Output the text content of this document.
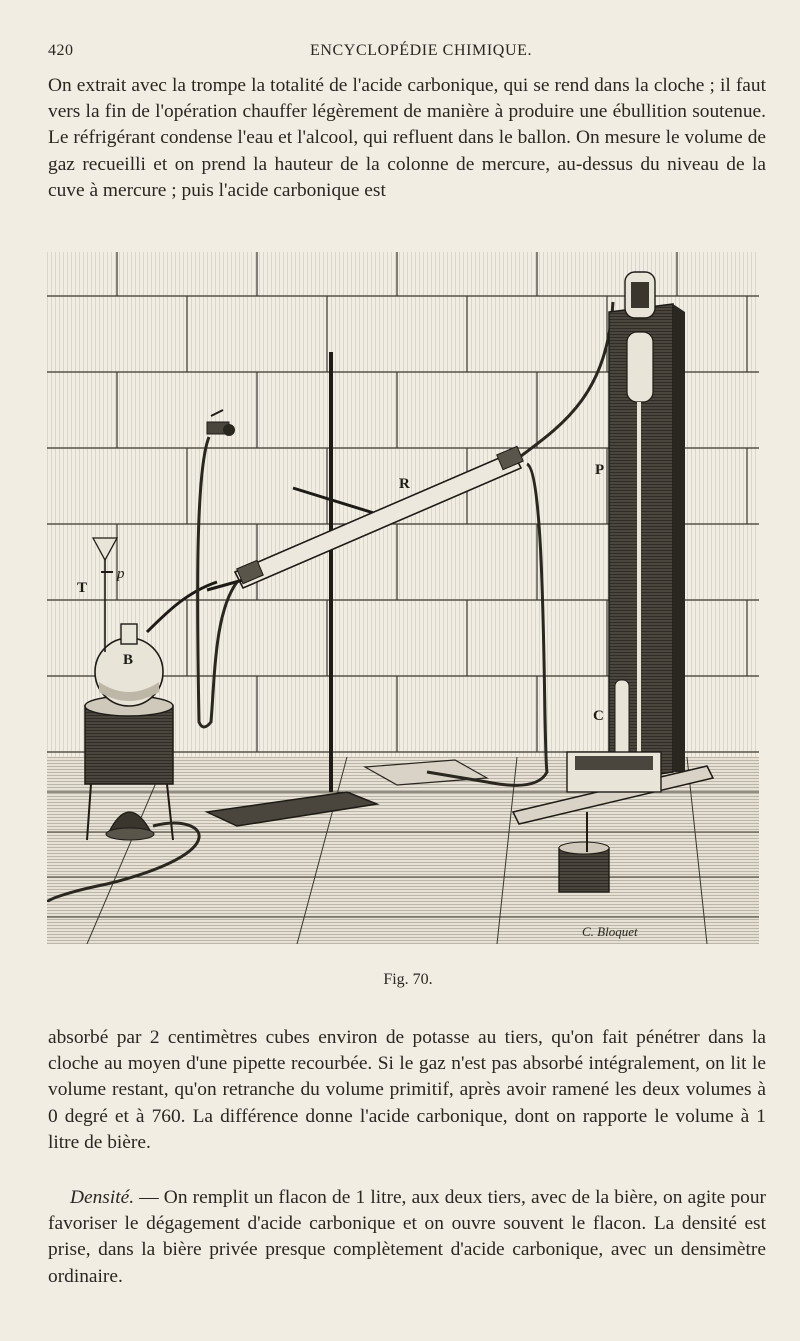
420	ENCYCLOPÉDIE CHIMIQUE.

On extrait avec la trompe la totalité de l'acide carbonique, qui se rend dans la cloche ; il faut vers la fin de l'opération chauffer légèrement de manière à produire une ébullition soutenue. Le réfrigérant condense l'eau et l'alcool, qui refluent dans le ballon. On mesure le volume de gaz recueilli et on prend la hauteur de la colonne de mercure, au-dessus du niveau de la cuve à mercure ; puis l'acide carbonique est

T
p
B
R
P
C
C. Bloquet
Fig. 70.

absorbé par 2 centimètres cubes environ de potasse au tiers, qu'on fait pénétrer dans la cloche au moyen d'une pipette recourbée. Si le gaz n'est pas absorbé intégralement, on lit le volume restant, qu'on retranche du volume primitif, après avoir ramené les deux volumes à 0 degré et à 760. La différence donne l'acide carbonique, dont on rapporte le volume à 1 litre de bière.

Densité. — On remplit un flacon de 1 litre, aux deux tiers, avec de la bière, on agite pour favoriser le dégagement d'acide carbonique et on ouvre souvent le flacon. La densité est prise, dans la bière privée presque complètement d'acide carbonique, avec un densimètre ordinaire.
